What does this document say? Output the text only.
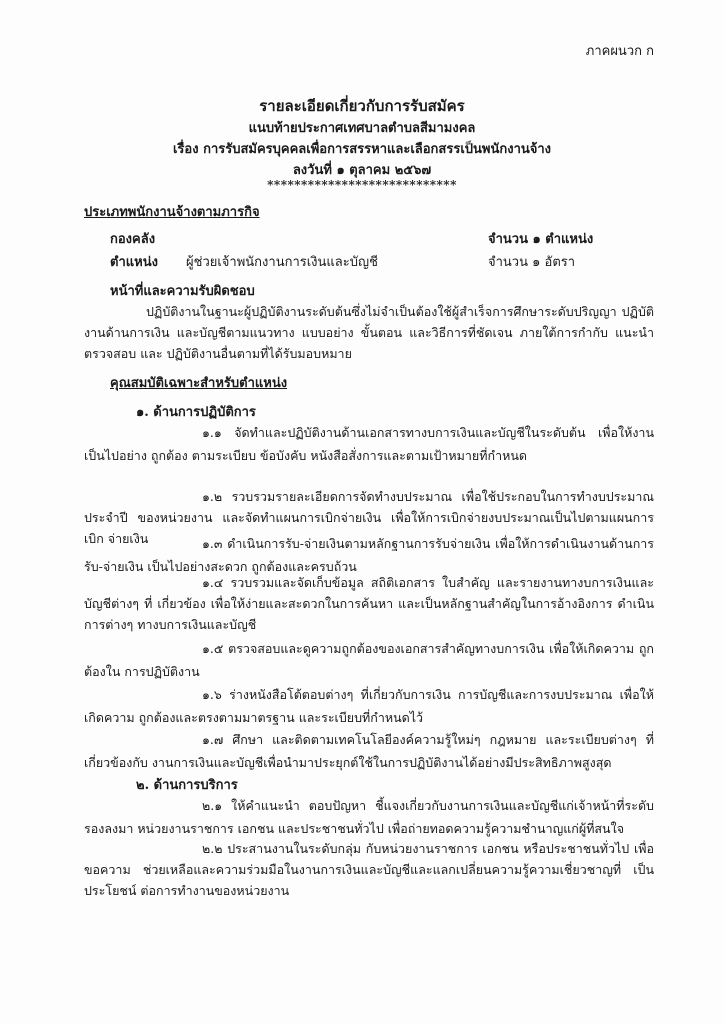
ภาคผนวก ก
รายละเอียดเกี่ยวกับการรับสมัคร
แนบท้ายประกาศเทศบาลตำบลสีมามงคล
เรื่อง การรับสมัครบุคคลเพื่อการสรรหาและเลือกสรรเป็นพนักงานจ้าง
ลงวันที่ ๑ ตุลาคม ๒๕๖๗
****************************
ประเภทพนักงานจ้างตามภารกิจ
กองคลัง	จำนวน ๑ ตำแหน่ง
ตำแหน่ง ผู้ช่วยเจ้าพนักงานการเงินและบัญชี	จำนวน ๑ อัตรา
หน้าที่และความรับผิดชอบ
ปฏิบัติงานในฐานะผู้ปฏิบัติงานระดับต้นซึ่งไม่จำเป็นต้องใช้ผู้สำเร็จการศึกษาระดับปริญญา ปฏิบัติงานด้านการเงิน และบัญชีตามแนวทาง แบบอย่าง ขั้นตอน และวิธีการที่ชัดเจน ภายใต้การกำกับ แนะนำ ตรวจสอบ และ ปฏิบัติงานอื่นตามที่ได้รับมอบหมาย
คุณสมบัติเฉพาะสำหรับตำแหน่ง
๑. ด้านการปฏิบัติการ
๑.๑ จัดทำและปฏิบัติงานด้านเอกสารทางบการเงินและบัญชีในระดับต้น เพื่อให้งาน เป็นไปอย่าง ถูกต้อง ตามระเบียบ ข้อบังคับ หนังสือสั่งการและตามเป้าหมายที่กำหนด
๑.๒ รวบรวมรายละเอียดการจัดทำงบประมาณ เพื่อใช้ประกอบในการทำงบประมาณ ประจำปี ของหน่วยงาน และจัดทำแผนการเบิกจ่ายเงิน เพื่อให้การเบิกจ่ายงบประมาณเป็นไปตามแผนการเบิก จ่ายเงิน	๑.๓ ดำเนินการรับ-จ่ายเงินตามหลักฐานการรับจ่ายเงิน เพื่อให้การดำเนินงานด้านการ รับ-จ่ายเงิน เป็นไปอย่างสะดวก ถูกต้องและครบถ้วน
๑.๔ รวบรวมและจัดเก็บข้อมูล สถิติเอกสาร ใบสำคัญ และรายงานทางบการเงินและ บัญชีต่างๆ ที่ เกี่ยวข้อง เพื่อให้ง่ายและสะดวกในการค้นหา และเป็นหลักฐานสำคัญในการอ้างอิงการ ดำเนินการต่างๆ ทางบการเงินและบัญชี
๑.๕ ตรวจสอบและดูความถูกต้องของเอกสารสำคัญทางบการเงิน เพื่อให้เกิดความ ถูกต้องใน การปฏิบัติงาน
๑.๖ ร่างหนังสือโต้ตอบต่างๆ ที่เกี่ยวกับการเงิน การบัญชีและการงบประมาณ เพื่อให้ เกิดความ ถูกต้องและตรงตามมาตรฐาน และระเบียบที่กำหนดไว้
๑.๗ ศึกษา และติดตามเทคโนโลยีองค์ความรู้ใหม่ๆ กฎหมาย และระเบียบต่างๆ ที่ เกี่ยวข้องกับ งานการเงินและบัญชีเพื่อนำมาประยุกต์ใช้ในการปฏิบัติงานได้อย่างมีประสิทธิภาพสูงสุด
๒. ด้านการบริการ
๒.๑ ให้คำแนะนำ ตอบปัญหา ชี้แจงเกี่ยวกับงานการเงินและบัญชีแก่เจ้าหน้าที่ระดับ รองลงมา หน่วยงานราชการ เอกชน และประชาชนทั่วไป เพื่อถ่ายทอดความรู้ความชำนาญแก่ผู้ที่สนใจ
๒.๒ ประสานงานในระดับกลุ่ม กับหน่วยงานราชการ เอกชน หรือประชาชนทั่วไป เพื่อ ขอความ ช่วยเหลือและความร่วมมือในงานการเงินและบัญชีและแลกเปลี่ยนความรู้ความเชี่ยวชาญที่ เป็น ประโยชน์ ต่อการทำงานของหน่วยงาน
